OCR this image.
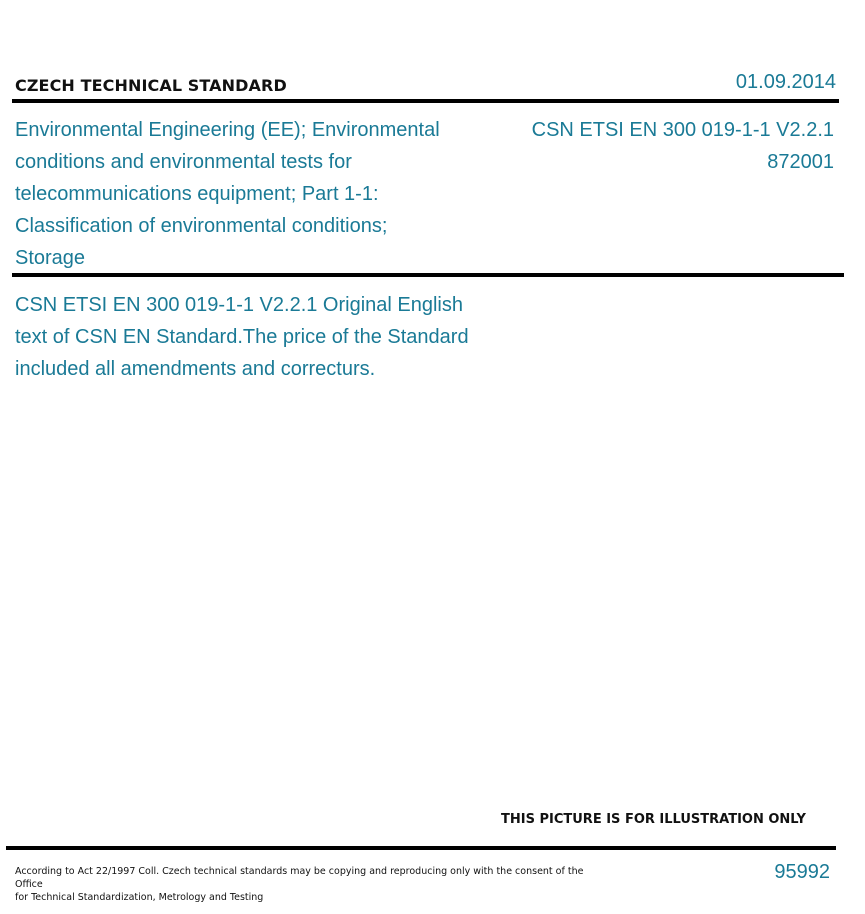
CZECH TECHNICAL STANDARD	01.09.2014
Environmental Engineering (EE); Environmental
conditions and environmental tests for
telecommunications equipment; Part 1-1:
Classification of environmental conditions;
Storage
CSN ETSI EN 300 019-1-1 V2.2.1
872001
CSN ETSI EN 300 019-1-1 V2.2.1 Original English
text of CSN EN Standard.The price of the Standard
included all amendments and correcturs.
THIS PICTURE IS FOR ILLUSTRATION ONLY
According to Act 22/1997 Coll. Czech technical standards may be copying and reproducing only with the consent of the Office
for Technical Standardization, Metrology and Testing
95992
